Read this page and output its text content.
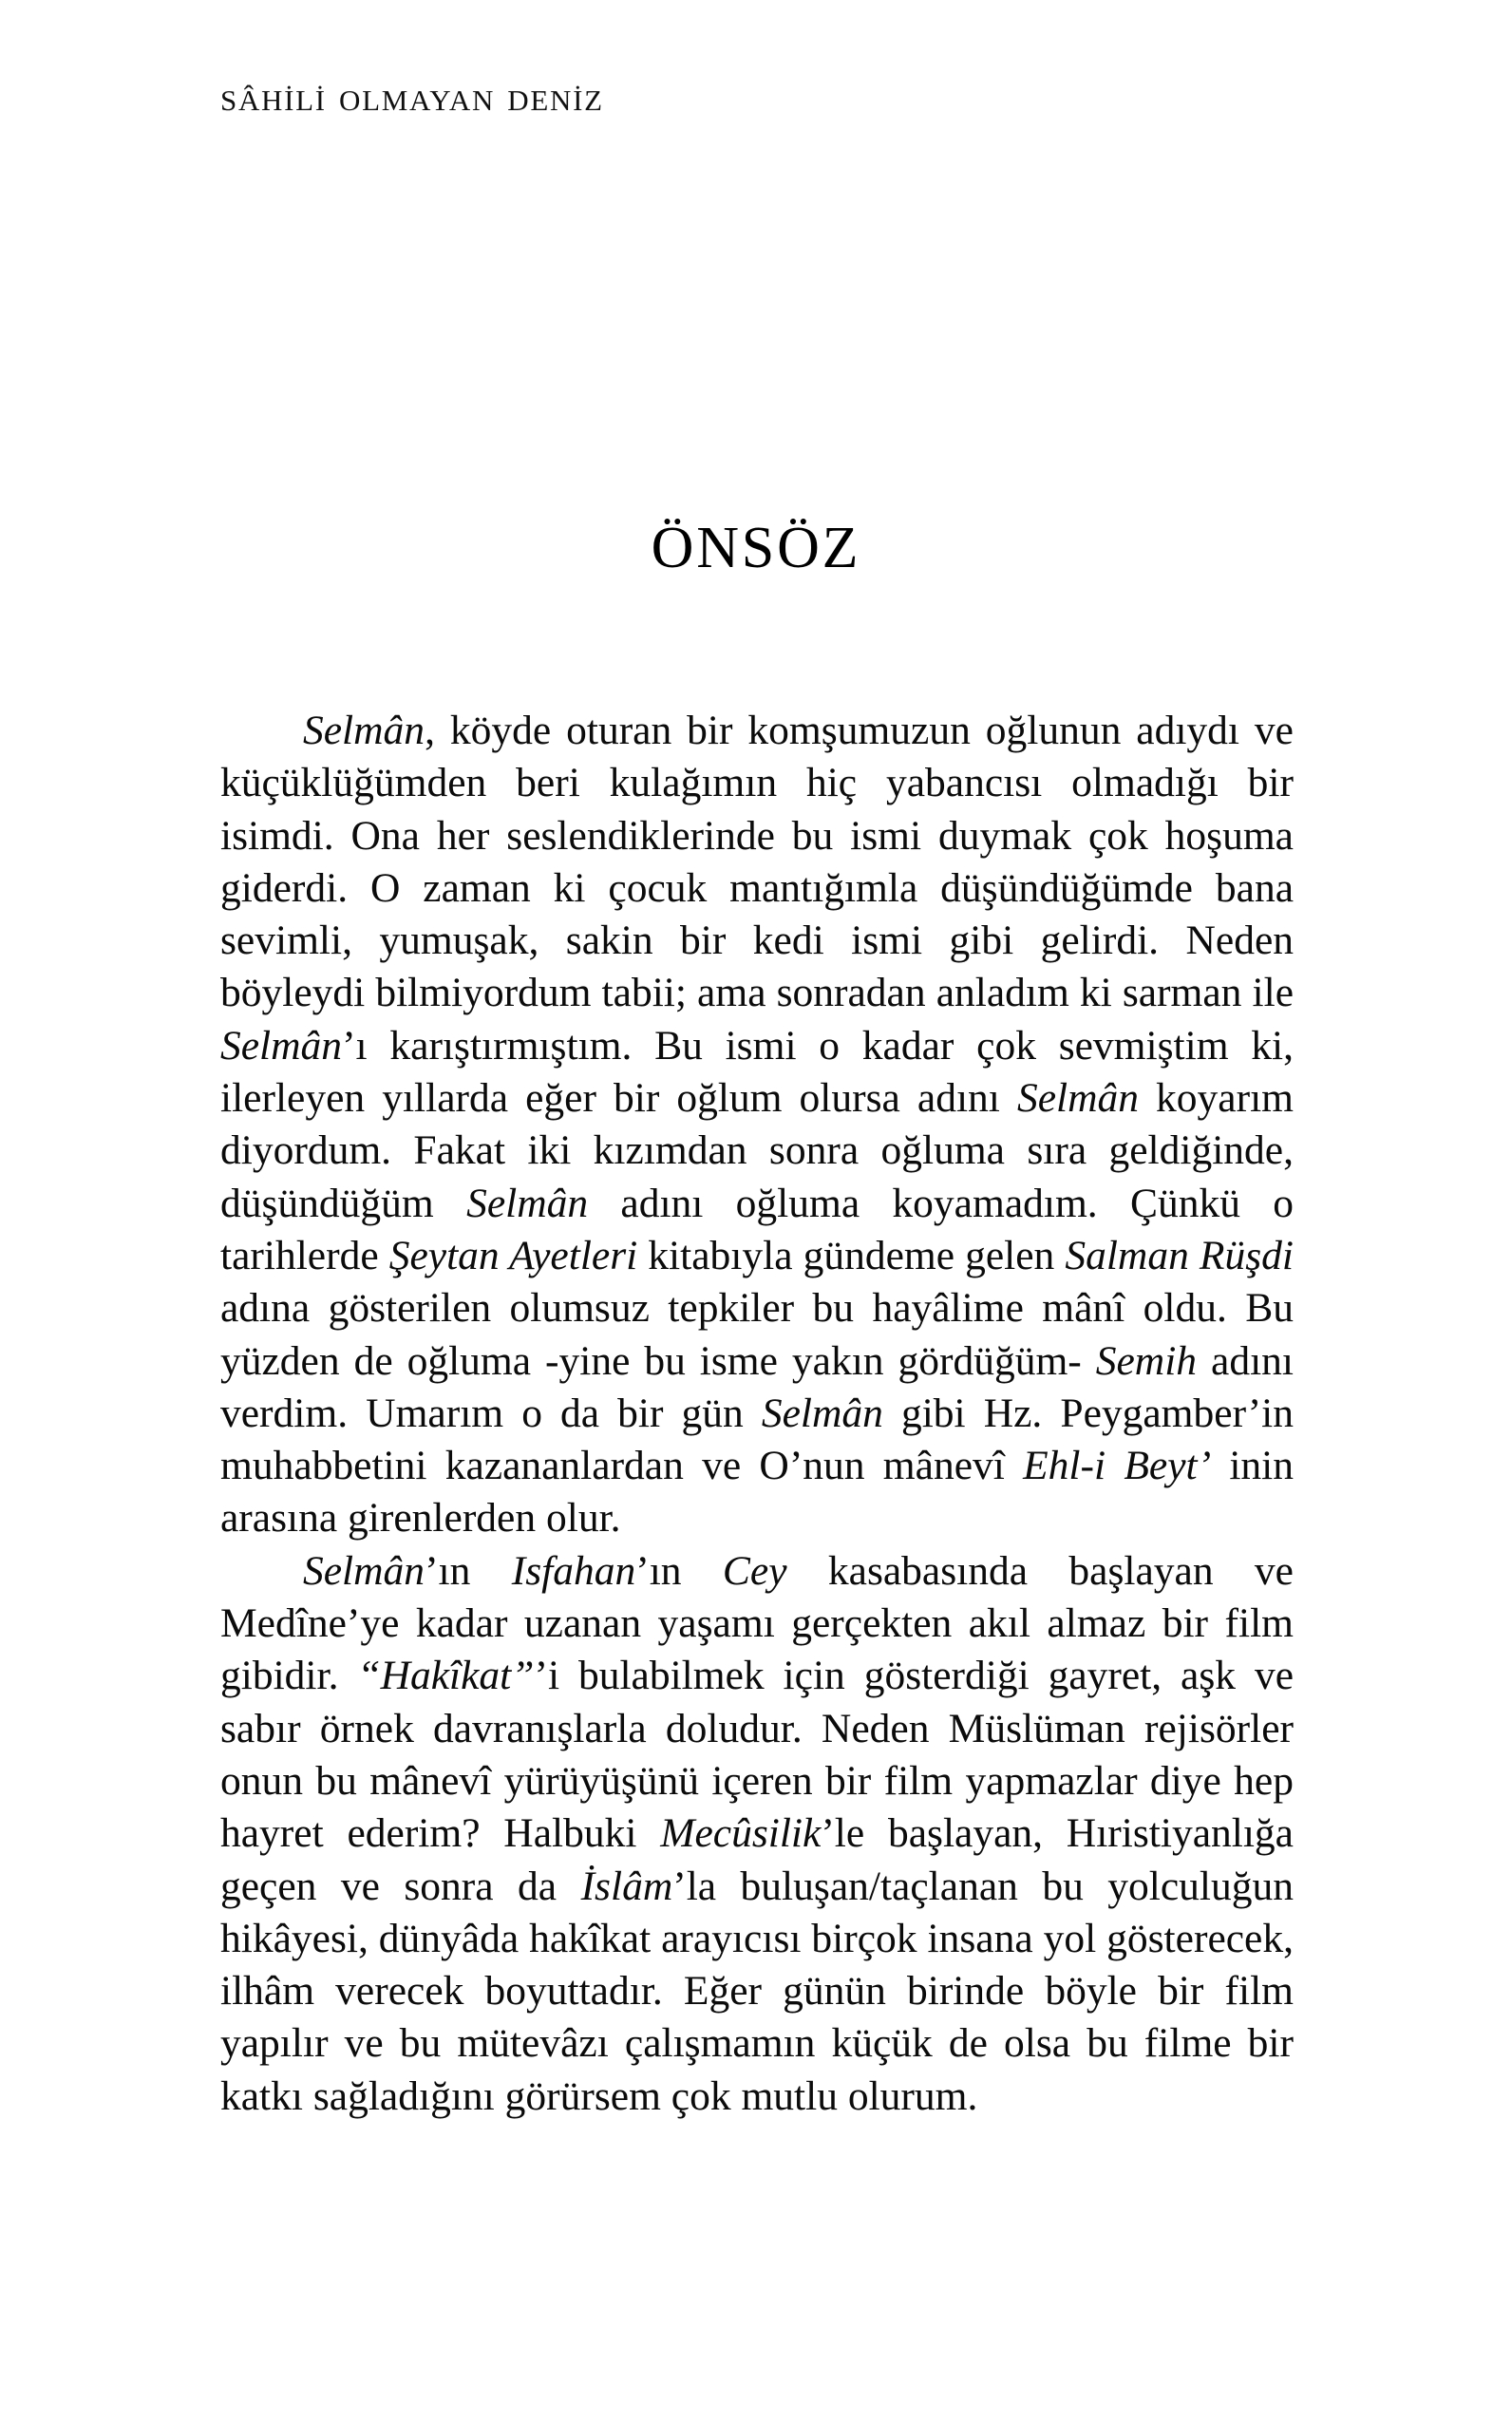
SÂHİLİ OLMAYAN DENİZ
ÖNSÖZ

Selmân, köyde oturan bir komşumuzun oğlunun adıydı ve küçüklüğümden beri kulağımın hiç yabancısı olmadığı bir isimdi. Ona her seslendiklerinde bu ismi duymak çok hoşuma giderdi. O zaman ki çocuk mantığımla düşündüğümde bana sevimli, yumuşak, sakin bir kedi ismi gibi gelirdi. Neden böyleydi bilmiyordum tabii; ama sonradan anladım ki sarman ile Selmân’ı karıştırmıştım. Bu ismi o kadar çok sevmiştim ki, ilerleyen yıllarda eğer bir oğlum olursa adını Selmân koyarım diyordum. Fakat iki kızımdan sonra oğluma sıra geldiğinde, düşündüğüm Selmân adını oğluma koyamadım. Çünkü o tarihlerde Şeytan Ayetleri kitabıyla gündeme gelen Salman Rüşdi adına gösterilen olumsuz tepkiler bu hayâlime mânî oldu. Bu yüzden de oğluma -yine bu isme yakın gördüğüm- Semih adını verdim. Umarım o da bir gün Selmân gibi Hz. Peygamber’in muhabbetini kazananlardan ve O’nun mânevî Ehl-i Beyt’ inin arasına girenlerden olur.

Selmân’ın Isfahan’ın Cey kasabasında başlayan ve Medîne’ye kadar uzanan yaşamı gerçekten akıl almaz bir film gibidir. “Hakîkat”’i bulabilmek için gösterdiği gayret, aşk ve sabır örnek davranışlarla doludur. Neden Müslüman rejisörler onun bu mânevî yürüyüşünü içeren bir film yapmazlar diye hep hayret ederim? Halbuki Mecûsilik’le başlayan, Hıristiyanlığa geçen ve sonra da İslâm’la buluşan/taçlanan bu yolculuğun hikâyesi, dünyâda hakîkat arayıcısı birçok insana yol gösterecek, ilhâm verecek boyuttadır. Eğer günün birinde böyle bir film yapılır ve bu mütevâzı çalışmamın küçük de olsa bu filme bir katkı sağladığını görürsem çok mutlu olurum.
